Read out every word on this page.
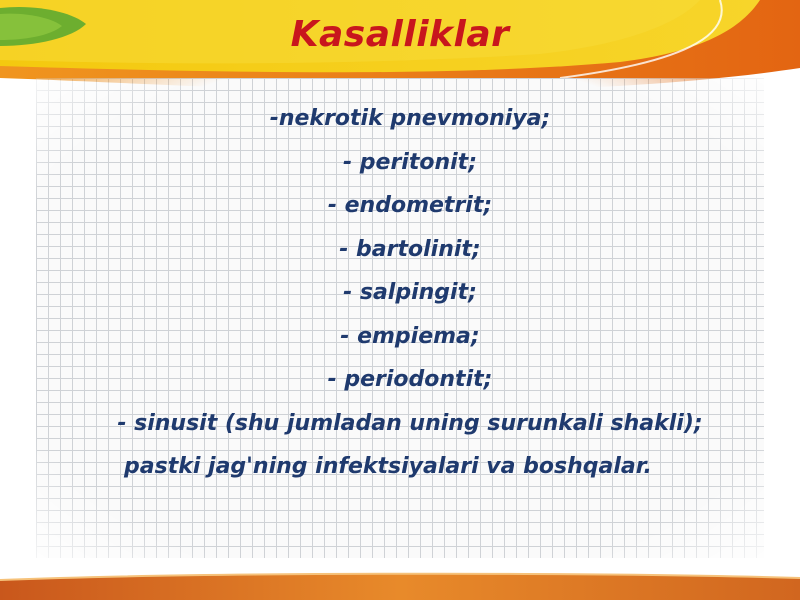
Kasalliklar
-nekrotik pnevmoniya;
- peritonit;
- endometrit;
- bartolinit;
- salpingit;
- empiema;
- periodontit;
- sinusit (shu jumladan uning surunkali shakli);
pastki jag'ning infektsiyalari va boshqalar.
